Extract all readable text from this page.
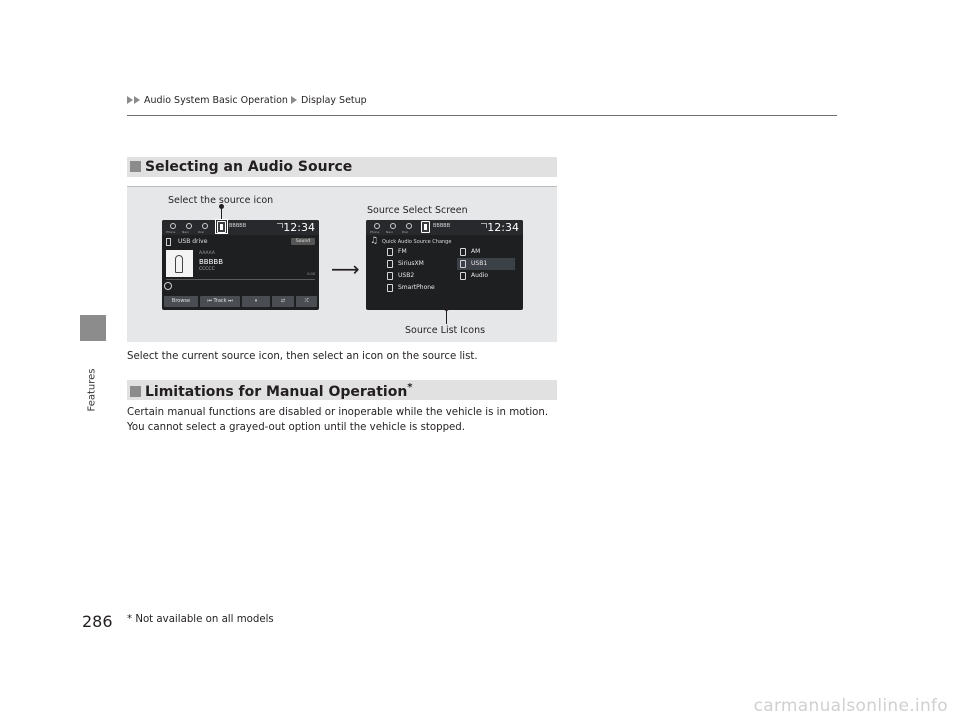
Features
Audio System Basic Operation Display Setup
Selecting an Audio Source
Phone Navi	Dial
BBBBB	12:34
USB drive	Sound
AAAAA
BBBBB
CCCCC
0:00
Browse	⏮ Track ⏭	⏸	⇄	⤮
Select the source icon
⟶
Source Select Screen
Phone Navi	Dial
BBBBB	12:34
♫ Quick Audio Source Change
FM
SiriusXM
USB2
SmartPhone
AM
USB1
Audio
Source List Icons

Select the current source icon, then select an icon on the source list.

Limitations for Manual Operation*

Certain manual functions are disabled or inoperable while the vehicle is in motion.

You cannot select a grayed-out option until the vehicle is stopped.

286 * Not available on all models
carmanualsonline.info
